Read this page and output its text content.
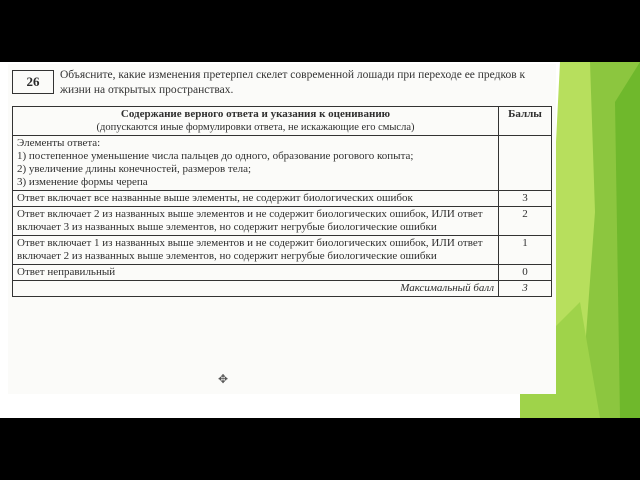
26	Объясните, какие изменения претерпел скелет современной лошади при переходе ее предков к жизни на открытых пространствах.
Содержание верного ответа и указания к оцениванию
(допускаются иные формулировки ответа, не искажающие его смысла)	Баллы

Элементы ответа:
1) постепенное уменьшение числа пальцев до одного, образование рогового копыта;
2) увеличение длины конечностей, размеров тела;
3) изменение формы черепа	

Ответ включает все названные выше элементы, не содержит биологических ошибок	3
Ответ включает 2 из названных выше элементов и не содержит биологических ошибок, ИЛИ ответ включает 3 из названных выше элементов, но содержит негрубые биологические ошибки	2
Ответ включает 1 из названных выше элементов и не содержит биологических ошибок, ИЛИ ответ включает 2 из названных выше элементов, но содержит негрубые биологические ошибки	1
Ответ неправильный	0
Максимальный балл	3
✥
